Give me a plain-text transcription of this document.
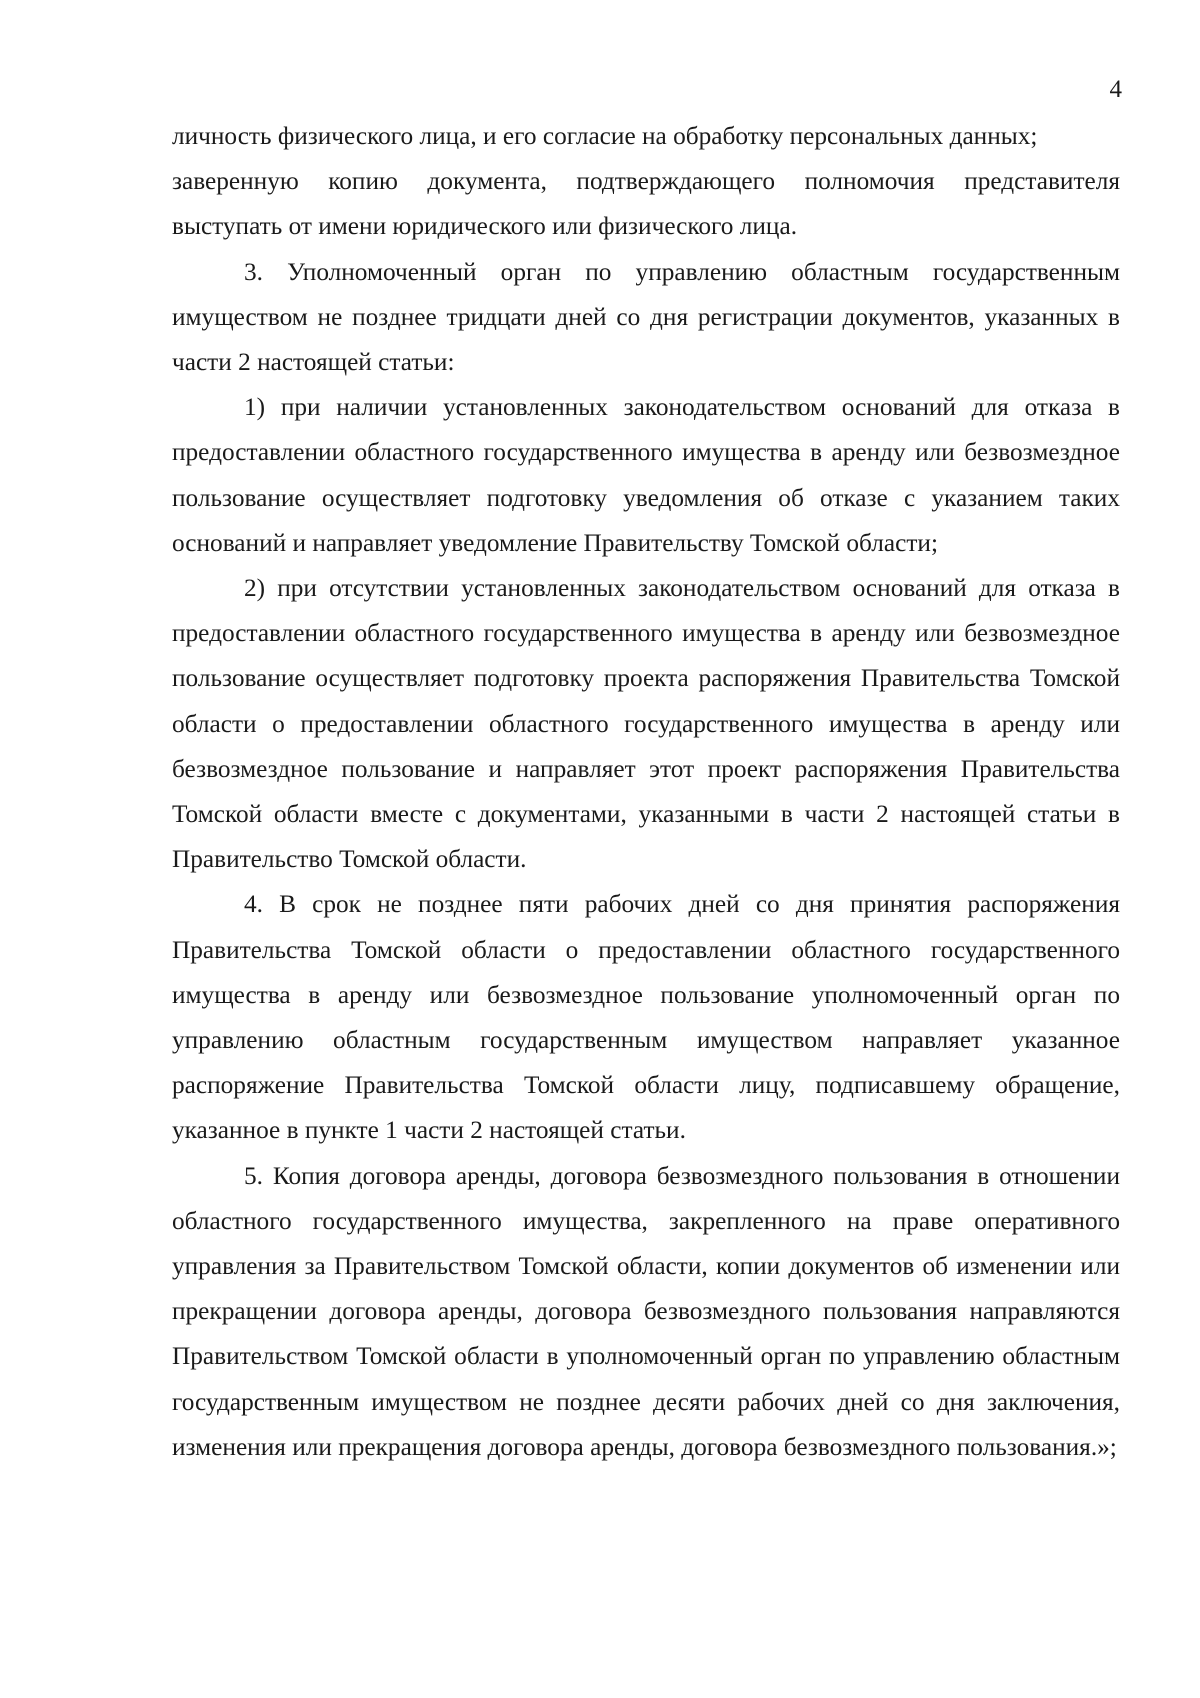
4

личность физического лица, и его согласие на обработку персональных данных;

заверенную копию документа, подтверждающего полномочия представителя выступать от имени юридического или физического лица.

3. Уполномоченный орган по управлению областным государственным имуществом не позднее тридцати дней со дня регистрации документов, указанных в части 2 настоящей статьи:

1) при наличии установленных законодательством оснований для отказа в предоставлении областного государственного имущества в аренду или безвозмездное пользование осуществляет подготовку уведомления об отказе с указанием таких оснований и направляет уведомление Правительству Томской области;

2) при отсутствии установленных законодательством оснований для отказа в предоставлении областного государственного имущества в аренду или безвозмездное пользование осуществляет подготовку проекта распоряжения Правительства Томской области о предоставлении областного государственного имущества в аренду или безвозмездное пользование и направляет этот проект распоряжения Правительства Томской области вместе с документами, указанными в части 2 настоящей статьи в Правительство Томской области.

4. В срок не позднее пяти рабочих дней со дня принятия распоряжения Правительства Томской области о предоставлении областного государственного имущества в аренду или безвозмездное пользование уполномоченный орган по управлению областным государственным имуществом направляет указанное распоряжение Правительства Томской области лицу, подписавшему обращение, указанное в пункте 1 части 2 настоящей статьи.

5. Копия договора аренды, договора безвозмездного пользования в отношении областного государственного имущества, закрепленного на праве оперативного управления за Правительством Томской области, копии документов об изменении или прекращении договора аренды, договора безвозмездного пользования направляются Правительством Томской области в уполномоченный орган по управлению областным государственным имуществом не позднее десяти рабочих дней со дня заключения, изменения или прекращения договора аренды, договора безвозмездного пользования.»;
